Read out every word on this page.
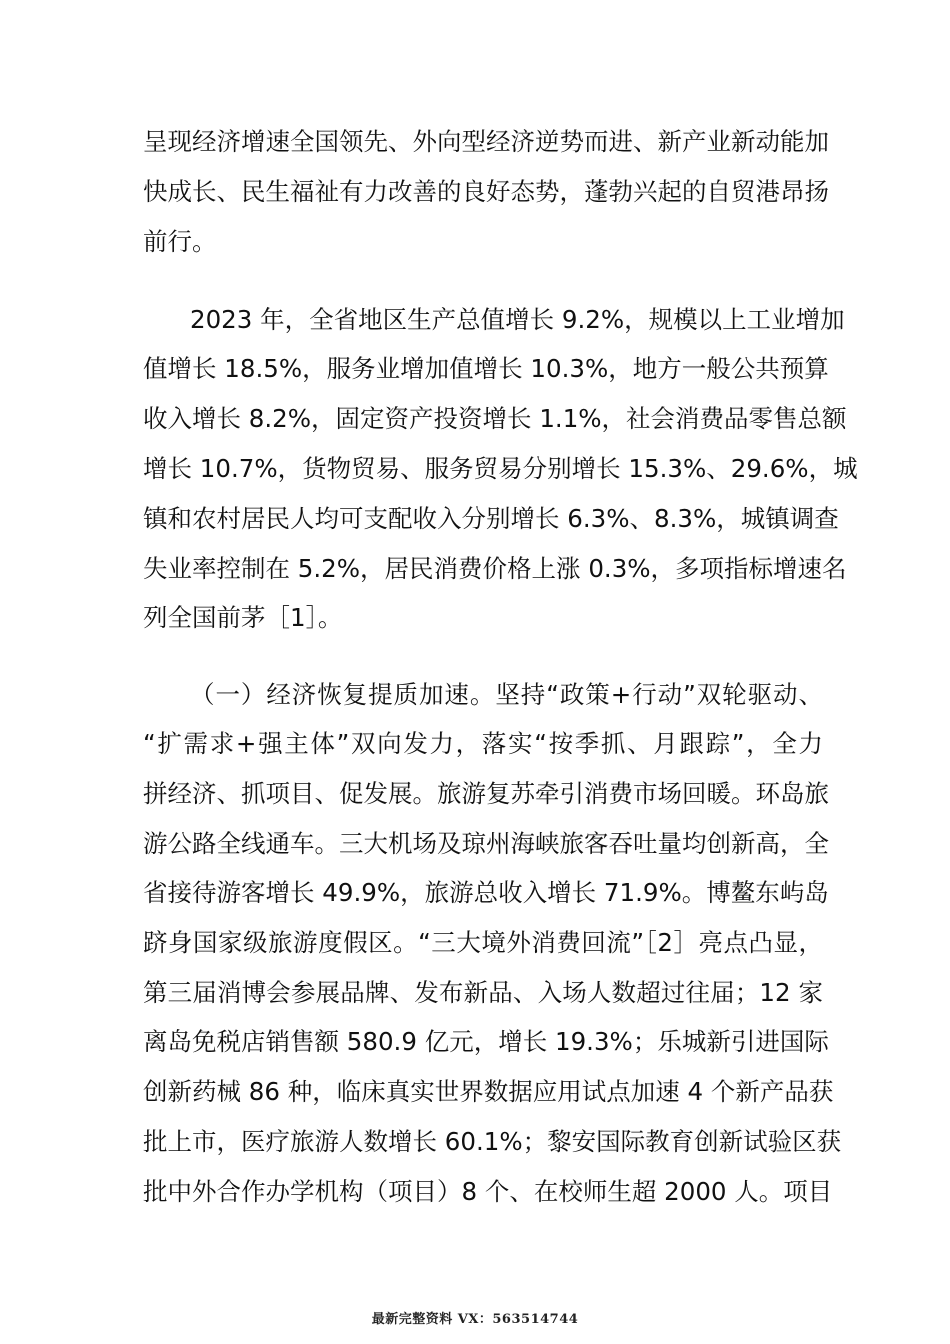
呈现经济增速全国领先、外向型经济逆势而进、新产业新动能加
快成长、民生福祉有力改善的良好态势，蓬勃兴起的自贸港昂扬
前行。
2023 年，全省地区生产总值增长 9.2%，规模以上工业增加
值增长 18.5%，服务业增加值增长 10.3%，地方一般公共预算
收入增长 8.2%，固定资产投资增长 1.1%，社会消费品零售总额
增长 10.7%，货物贸易、服务贸易分别增长 15.3%、29.6%，城
镇和农村居民人均可支配收入分别增长 6.3%、8.3%，城镇调查
失业率控制在 5.2%，居民消费价格上涨 0.3%，多项指标增速名
列全国前茅［1］。
（一）经济恢复提质加速。坚持“政策+行动”双轮驱动、
“扩需求+强主体”双向发力，落实“按季抓、月跟踪”，全力
拼经济、抓项目、促发展。旅游复苏牵引消费市场回暖。环岛旅
游公路全线通车。三大机场及琼州海峡旅客吞吐量均创新高，全
省接待游客增长 49.9%，旅游总收入增长 71.9%。博鳌东屿岛
跻身国家级旅游度假区。“三大境外消费回流”［2］亮点凸显，
第三届消博会参展品牌、发布新品、入场人数超过往届；12 家
离岛免税店销售额 580.9 亿元，增长 19.3%；乐城新引进国际
创新药械 86 种，临床真实世界数据应用试点加速 4 个新产品获
批上市，医疗旅游人数增长 60.1%；黎安国际教育创新试验区获
批中外合作办学机构（项目）8 个、在校师生超 2000 人。项目
最新完整资料 VX：563514744
